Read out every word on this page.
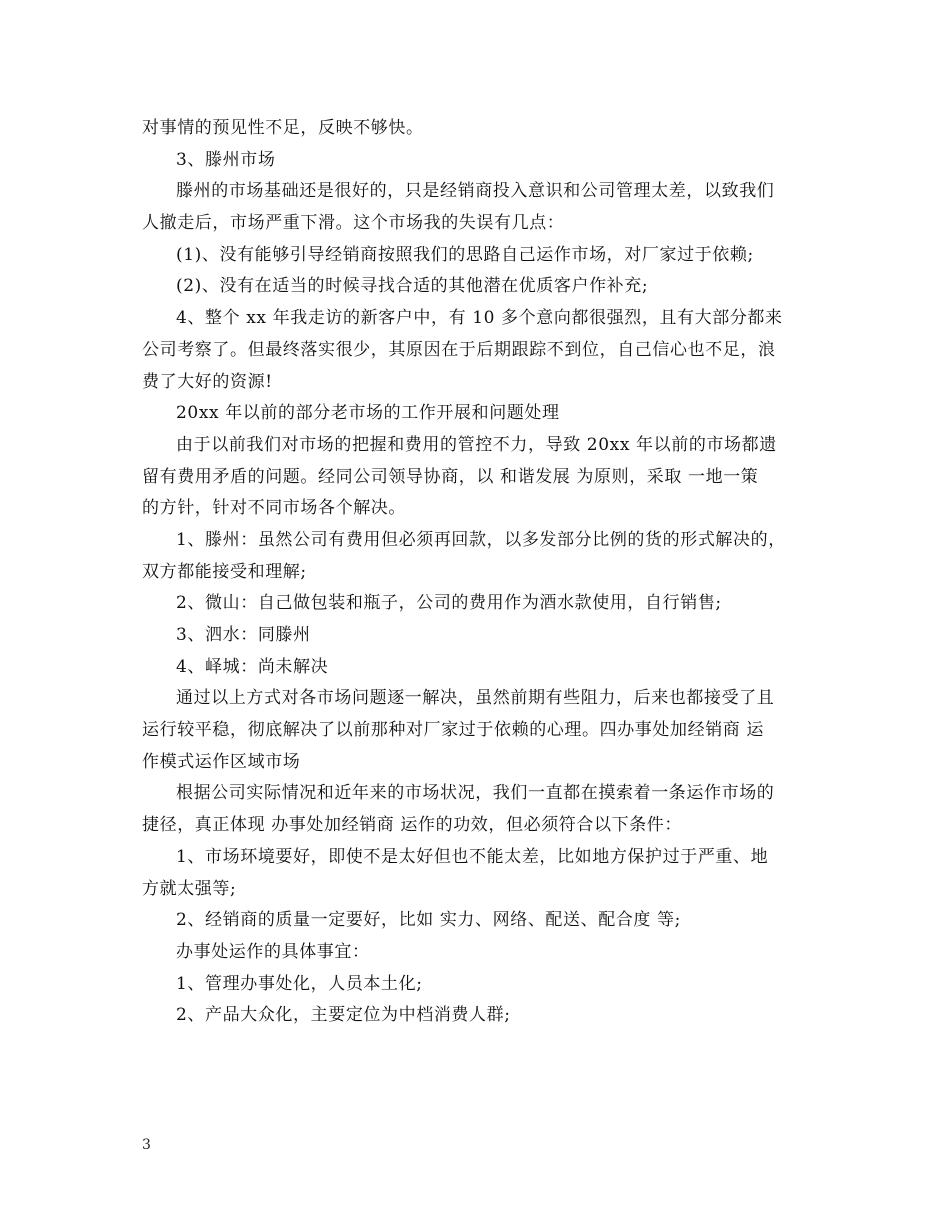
对事情的预见性不足，反映不够快。
3、滕州市场
滕州的市场基础还是很好的，只是经销商投入意识和公司管理太差，以致我们
人撤走后，市场严重下滑。这个市场我的失误有几点：
(1)、没有能够引导经销商按照我们的思路自己运作市场，对厂家过于依赖;
(2)、没有在适当的时候寻找合适的其他潜在优质客户作补充;
4、整个 xx 年我走访的新客户中，有 10 多个意向都很强烈，且有大部分都来
公司考察了。但最终落实很少，其原因在于后期跟踪不到位，自己信心也不足，浪
费了大好的资源!
20xx 年以前的部分老市场的工作开展和问题处理
由于以前我们对市场的把握和费用的管控不力，导致 20xx 年以前的市场都遗
留有费用矛盾的问题。经同公司领导协商，以 和谐发展 为原则，采取 一地一策
的方针，针对不同市场各个解决。
1、滕州：虽然公司有费用但必须再回款，以多发部分比例的货的形式解决的，
双方都能接受和理解;
2、微山：自己做包装和瓶子，公司的费用作为酒水款使用，自行销售;
3、泗水：同滕州
4、峄城：尚未解决
通过以上方式对各市场问题逐一解决，虽然前期有些阻力，后来也都接受了且
运行较平稳，彻底解决了以前那种对厂家过于依赖的心理。四办事处加经销商 运
作模式运作区域市场
根据公司实际情况和近年来的市场状况，我们一直都在摸索着一条运作市场的
捷径，真正体现 办事处加经销商 运作的功效，但必须符合以下条件：
1、市场环境要好，即使不是太好但也不能太差，比如地方保护过于严重、地
方就太强等;
2、经销商的质量一定要好，比如 实力、网络、配送、配合度 等;
办事处运作的具体事宜：
1、管理办事处化，人员本土化;
2、产品大众化，主要定位为中档消费人群;
3
